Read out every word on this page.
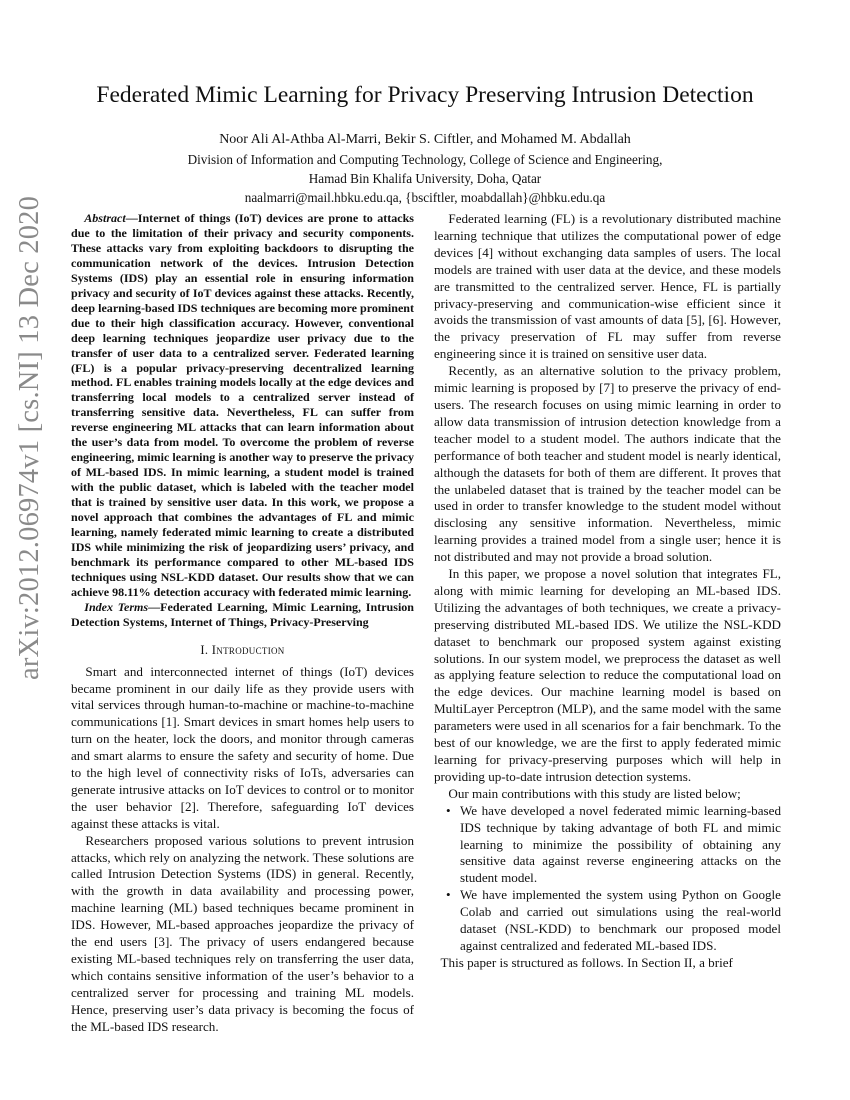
arXiv:2012.06974v1 [cs.NI] 13 Dec 2020
Federated Mimic Learning for Privacy Preserving Intrusion Detection
Noor Ali Al-Athba Al-Marri, Bekir S. Ciftler, and Mohamed M. Abdallah
Division of Information and Computing Technology, College of Science and Engineering,
Hamad Bin Khalifa University, Doha, Qatar
naalmarri@mail.hbku.edu.qa, {bsciftler, moabdallah}@hbku.edu.qa

Abstract—Internet of things (IoT) devices are prone to attacks due to the limitation of their privacy and security components. These attacks vary from exploiting backdoors to disrupting the communication network of the devices. Intrusion Detection Systems (IDS) play an essential role in ensuring information privacy and security of IoT devices against these attacks. Recently, deep learning-based IDS techniques are becoming more prominent due to their high classification accuracy. However, conventional deep learning techniques jeopardize user privacy due to the transfer of user data to a centralized server. Federated learning (FL) is a popular privacy-preserving decentralized learning method. FL enables training models locally at the edge devices and transferring local models to a centralized server instead of transferring sensitive data. Nevertheless, FL can suffer from reverse engineering ML attacks that can learn information about the user’s data from model. To overcome the problem of reverse engineering, mimic learning is another way to preserve the privacy of ML-based IDS. In mimic learning, a student model is trained with the public dataset, which is labeled with the teacher model that is trained by sensitive user data. In this work, we propose a novel approach that combines the advantages of FL and mimic learning, namely federated mimic learning to create a distributed IDS while minimizing the risk of jeopardizing users’ privacy, and benchmark its performance compared to other ML-based IDS techniques using NSL-KDD dataset. Our results show that we can achieve 98.11% detection accuracy with federated mimic learning.

Index Terms—Federated Learning, Mimic Learning, Intrusion Detection Systems, Internet of Things, Privacy-Preserving

I. Introduction

Smart and interconnected internet of things (IoT) devices became prominent in our daily life as they provide users with vital services through human-to-machine or machine-to-machine communications [1]. Smart devices in smart homes help users to turn on the heater, lock the doors, and monitor through cameras and smart alarms to ensure the safety and security of home. Due to the high level of connectivity risks of IoTs, adversaries can generate intrusive attacks on IoT devices to control or to monitor the user behavior [2]. Therefore, safeguarding IoT devices against these attacks is vital.

Researchers proposed various solutions to prevent intrusion attacks, which rely on analyzing the network. These solutions are called Intrusion Detection Systems (IDS) in general. Recently, with the growth in data availability and processing power, machine learning (ML) based techniques became prominent in IDS. However, ML-based approaches jeopardize the privacy of the end users [3]. The privacy of users endangered because existing ML-based techniques rely on transferring the user data, which contains sensitive information of the user’s behavior to a centralized server for processing and training ML models. Hence, preserving user’s data privacy is becoming the focus of the ML-based IDS research.

Federated learning (FL) is a revolutionary distributed machine learning technique that utilizes the computational power of edge devices [4] without exchanging data samples of users. The local models are trained with user data at the device, and these models are transmitted to the centralized server. Hence, FL is partially privacy-preserving and communication-wise efficient since it avoids the transmission of vast amounts of data [5], [6]. However, the privacy preservation of FL may suffer from reverse engineering since it is trained on sensitive user data.

Recently, as an alternative solution to the privacy problem, mimic learning is proposed by [7] to preserve the privacy of end-users. The research focuses on using mimic learning in order to allow data transmission of intrusion detection knowledge from a teacher model to a student model. The authors indicate that the performance of both teacher and student model is nearly identical, although the datasets for both of them are different. It proves that the unlabeled dataset that is trained by the teacher model can be used in order to transfer knowledge to the student model without disclosing any sensitive information. Nevertheless, mimic learning provides a trained model from a single user; hence it is not distributed and may not provide a broad solution.

In this paper, we propose a novel solution that integrates FL, along with mimic learning for developing an ML-based IDS. Utilizing the advantages of both techniques, we create a privacy-preserving distributed ML-based IDS. We utilize the NSL-KDD dataset to benchmark our proposed system against existing solutions. In our system model, we preprocess the dataset as well as applying feature selection to reduce the computational load on the edge devices. Our machine learning model is based on MultiLayer Perceptron (MLP), and the same model with the same parameters were used in all scenarios for a fair benchmark. To the best of our knowledge, we are the first to apply federated mimic learning for privacy-preserving purposes which will help in providing up-to-date intrusion detection systems.

Our main contributions with this study are listed below;

• We have developed a novel federated mimic learning-based IDS technique by taking advantage of both FL and mimic learning to minimize the possibility of obtaining any sensitive data against reverse engineering attacks on the student model.
• We have implemented the system using Python on Google Colab and carried out simulations using the real-world dataset (NSL-KDD) to benchmark our proposed model against centralized and federated ML-based IDS.

This paper is structured as follows. In Section II, a brief
